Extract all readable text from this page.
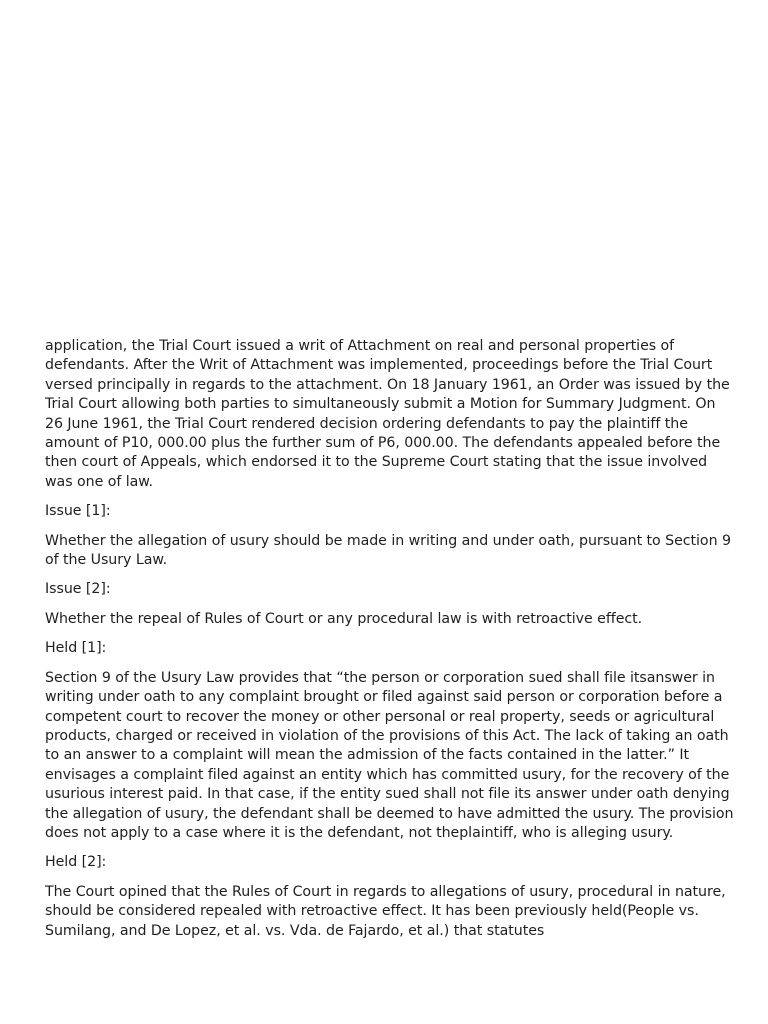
application, the Trial Court issued a writ of Attachment on real and personal properties of defendants. After the Writ of Attachment was implemented, proceedings before the Trial Court versed principally in regards to the attachment. On 18 January 1961, an Order was issued by the Trial Court allowing both parties to simultaneously submit a Motion for Summary Judgment. On 26 June 1961, the Trial Court rendered decision ordering defendants to pay the plaintiff the amount of P10, 000.00 plus the further sum of P6, 000.00. The defendants appealed before the then court of Appeals, which endorsed it to the Supreme Court stating that the issue involved was one of law.

Issue [1]:

Whether the allegation of usury should be made in writing and under oath, pursuant to Section 9 of the Usury Law.

Issue [2]:

Whether the repeal of Rules of Court or any procedural law is with retroactive effect.

Held [1]:

Section 9 of the Usury Law provides that “the person or corporation sued shall file itsanswer in writing under oath to any complaint brought or filed against said person or corporation before a competent court to recover the money or other personal or real property, seeds or agricultural products, charged or received in violation of the provisions of this Act. The lack of taking an oath to an answer to a complaint will mean the admission of the facts contained in the latter.” It envisages a complaint filed against an entity which has committed usury, for the recovery of the usurious interest paid. In that case, if the entity sued shall not file its answer under oath denying the allegation of usury, the defendant shall be deemed to have admitted the usury. The provision does not apply to a case where it is the defendant, not theplaintiff, who is alleging usury.

Held [2]:

The Court opined that the Rules of Court in regards to allegations of usury, procedural in nature, should be considered repealed with retroactive effect. It has been previously held(People vs. Sumilang, and De Lopez, et al. vs. Vda. de Fajardo, et al.) that statutes
